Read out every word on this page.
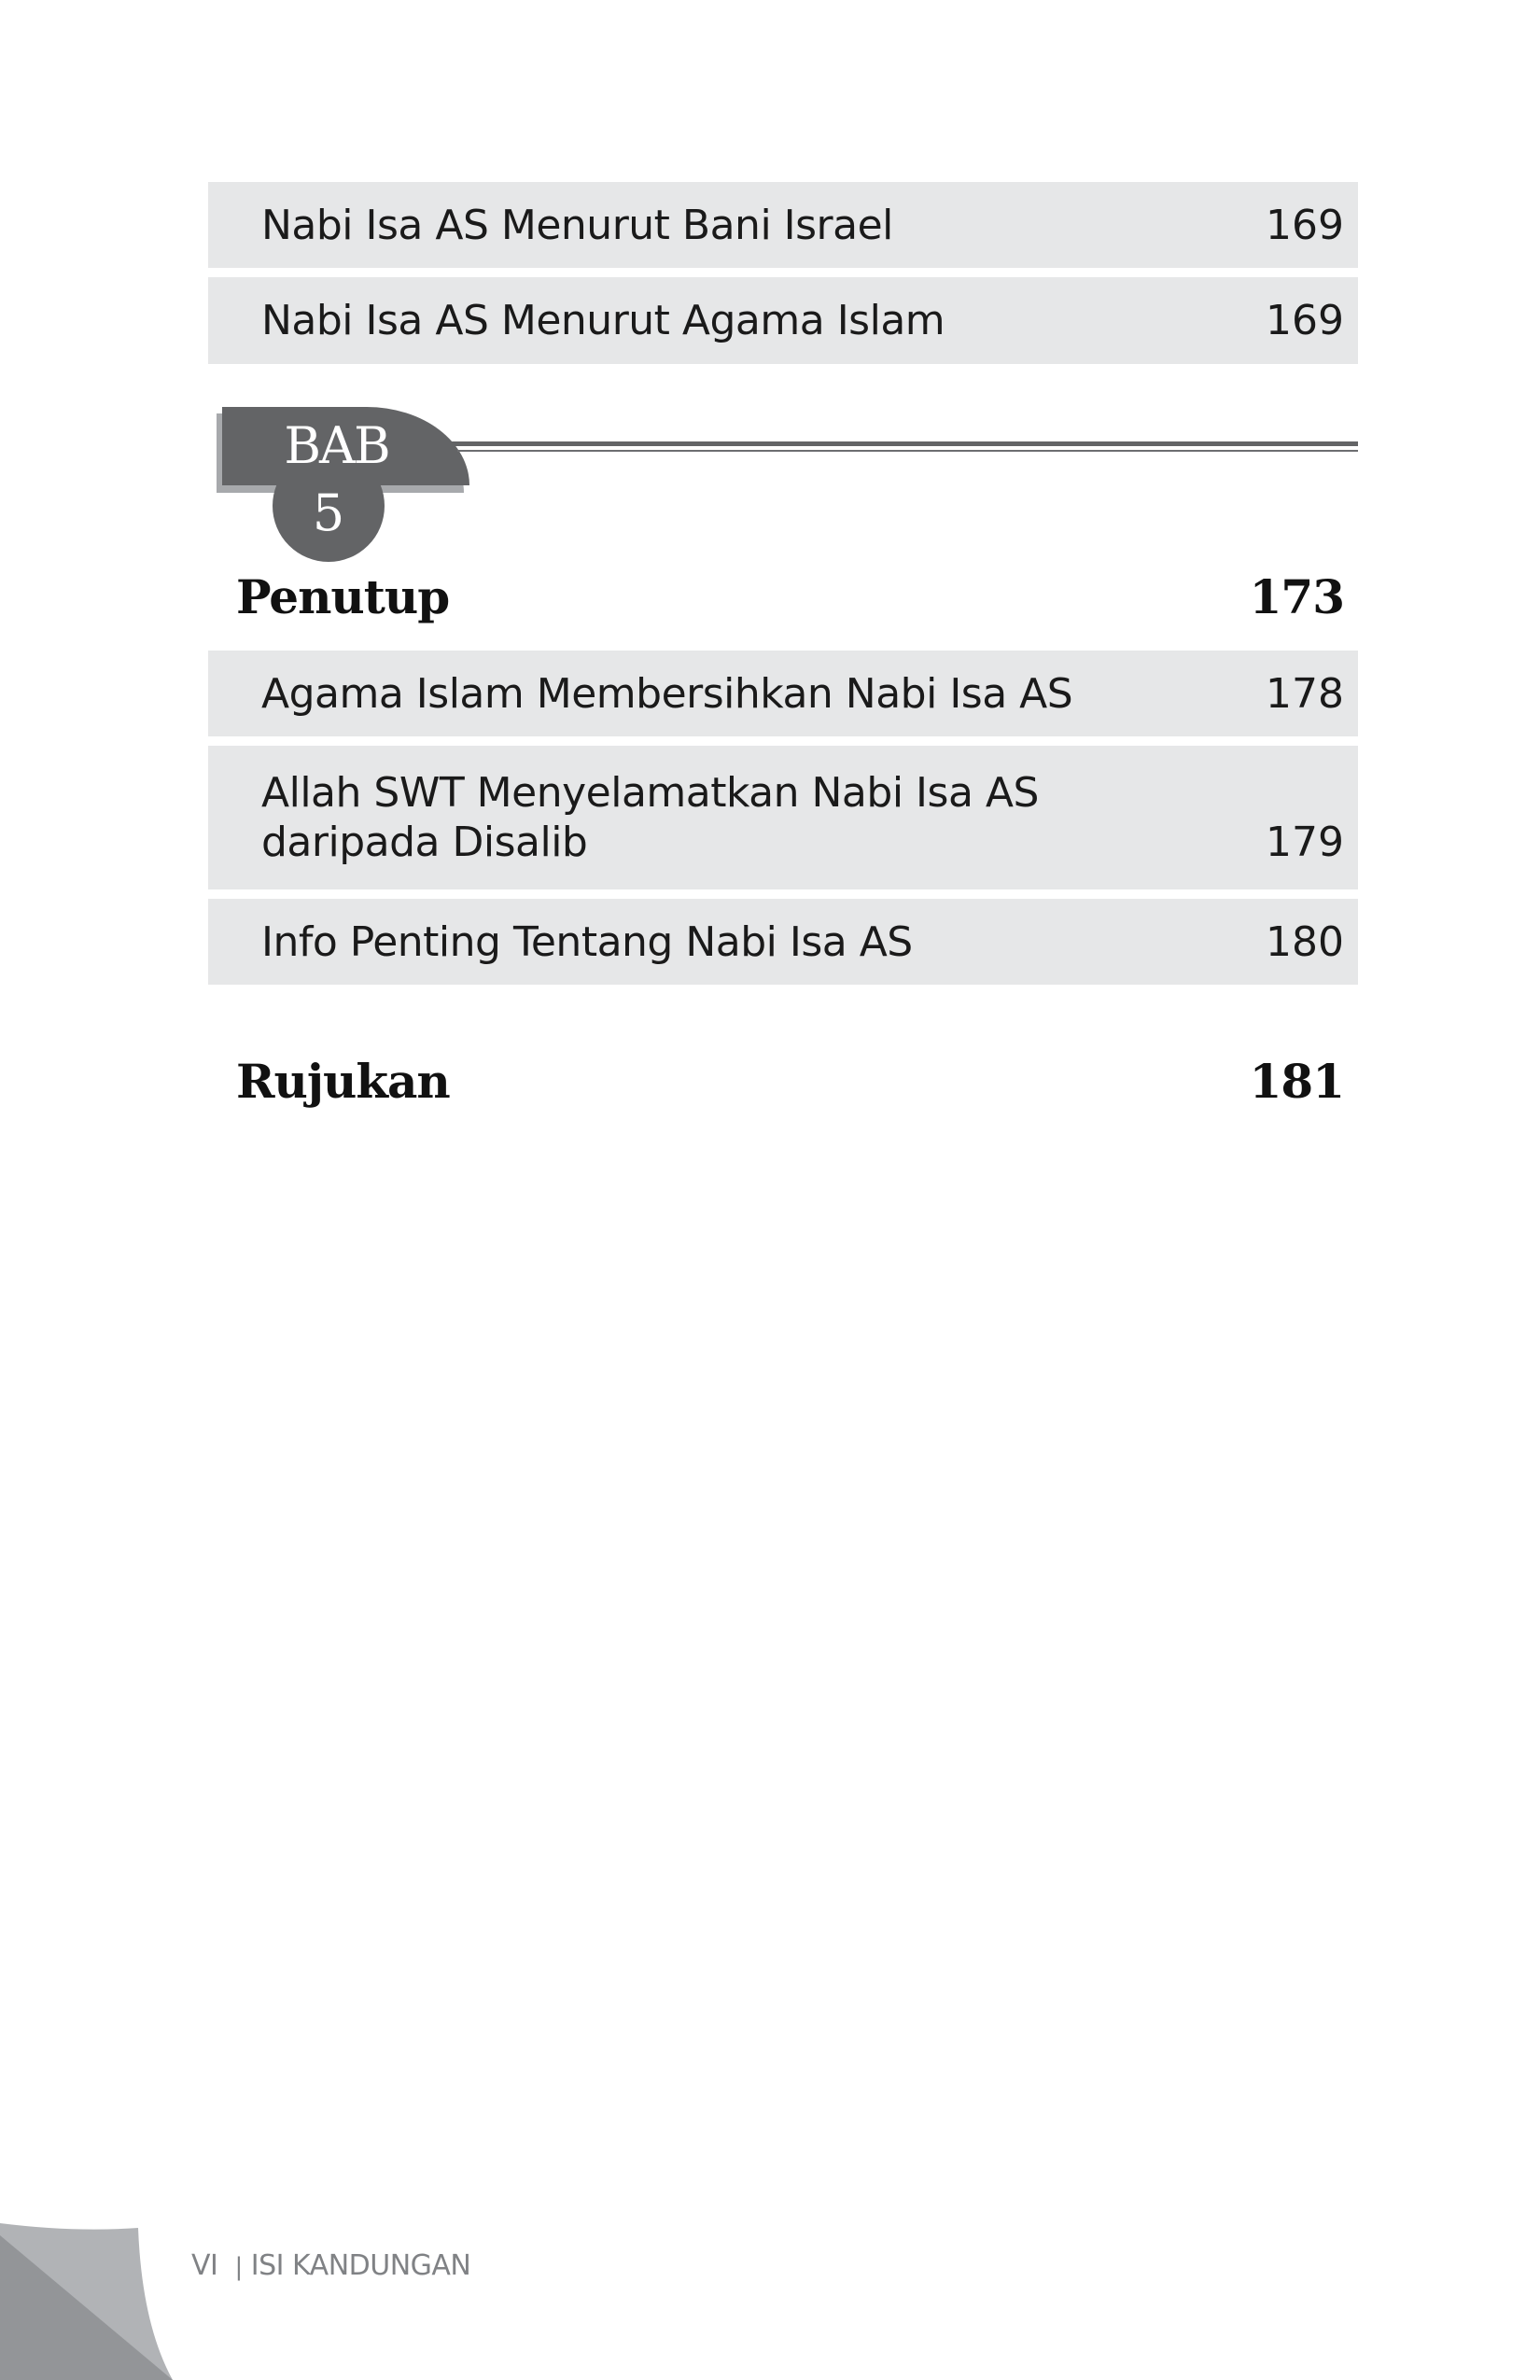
Nabi Isa AS Menurut Bani Israel	169
Nabi Isa AS Menurut Agama Islam	169
BAB
5
Penutup	173
Agama Islam Membersihkan Nabi Isa AS	178
Allah SWT Menyelamatkan Nabi Isa AS
daripada Disalib	179
Info Penting Tentang Nabi Isa AS	180
Rujukan	181
VI | ISI KANDUNGAN
